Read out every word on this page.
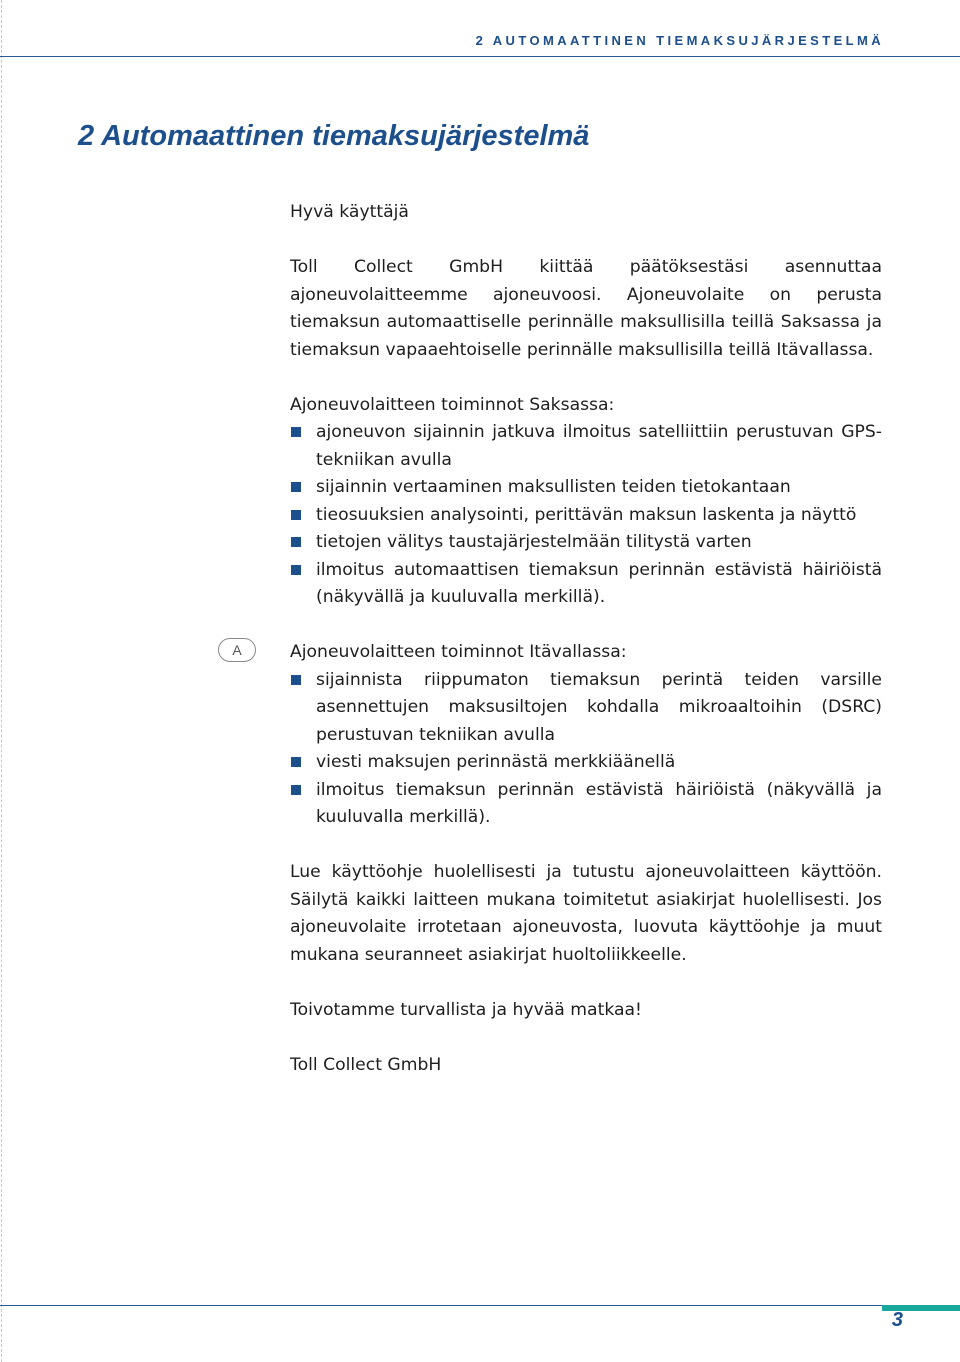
2 AUTOMAATTINEN TIEMAKSUJÄRJESTELMÄ
2 Automaattinen tiemaksujärjestelmä
A

Hyvä käyttäjä

Toll Collect GmbH kiittää päätöksestäsi asennuttaa ajoneuvolaitteemme ajoneuvoosi. Ajoneuvolaite on perusta tiemaksun automaattiselle perinnälle maksullisilla teillä Saksassa ja tiemaksun vapaaehtoiselle perinnälle maksullisilla teillä Itävallassa.

Ajoneuvolaitteen toiminnot Saksassa:

ajoneuvon sijainnin jatkuva ilmoitus satelliittiin perustuvan GPS-tekniikan avulla
sijainnin vertaaminen maksullisten teiden tietokantaan
tieosuuksien analysointi, perittävän maksun laskenta ja näyttö
tietojen välitys taustajärjestelmään tilitystä varten
ilmoitus automaattisen tiemaksun perinnän estävistä häiriöistä (näkyvällä ja kuuluvalla merkillä).

Ajoneuvolaitteen toiminnot Itävallassa:

sijainnista riippumaton tiemaksun perintä teiden varsille asennettujen maksusiltojen kohdalla mikroaaltoihin (DSRC) perustuvan tekniikan avulla
viesti maksujen perinnästä merkkiäänellä
ilmoitus tiemaksun perinnän estävistä häiriöistä (näkyvällä ja kuuluvalla merkillä).

Lue käyttöohje huolellisesti ja tutustu ajoneuvolaitteen käyttöön. Säilytä kaikki laitteen mukana toimitetut asiakirjat huolellisesti. Jos ajoneuvolaite irrotetaan ajoneuvosta, luovuta käyttöohje ja muut mukana seuranneet asiakirjat huoltoliikkeelle.

Toivotamme turvallista ja hyvää matkaa!

Toll Collect GmbH

3
